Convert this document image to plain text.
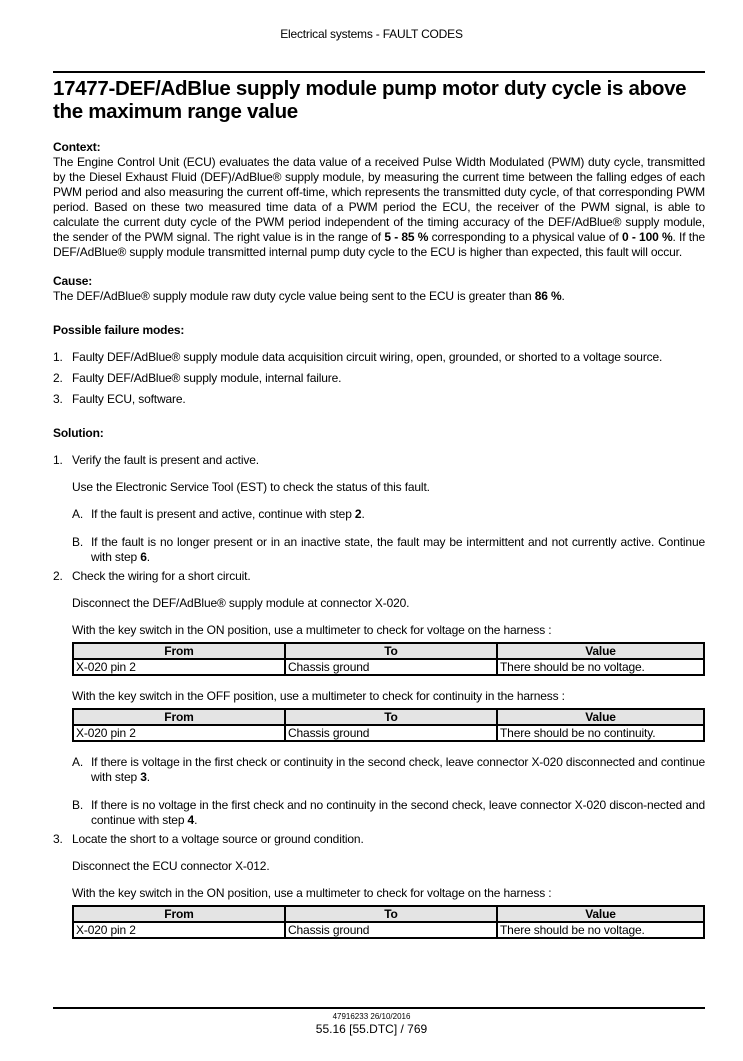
Electrical systems - FAULT CODES
17477-DEF/AdBlue supply module pump motor duty cycle is above the maximum range value

Context:

The Engine Control Unit (ECU) evaluates the data value of a received Pulse Width Modulated (PWM) duty cycle, transmitted by the Diesel Exhaust Fluid (DEF)/AdBlue® supply module, by measuring the current time between the falling edges of each PWM period and also measuring the current off-time, which represents the transmitted duty cycle, of that corresponding PWM period. Based on these two measured time data of a PWM period the ECU, the receiver of the PWM signal, is able to calculate the current duty cycle of the PWM period independent of the timing accuracy of the DEF/AdBlue® supply module, the sender of the PWM signal. The right value is in the range of 5 - 85 % corresponding to a physical value of 0 - 100 %. If the DEF/AdBlue® supply module transmitted internal pump duty cycle to the ECU is higher than expected, this fault will occur.

Cause:

The DEF/AdBlue® supply module raw duty cycle value being sent to the ECU is greater than 86 %.

Possible failure modes:

1. Faulty DEF/AdBlue® supply module data acquisition circuit wiring, open, grounded, or shorted to a voltage source.
2. Faulty DEF/AdBlue® supply module, internal failure.
3. Faulty ECU, software.

Solution:

1. Verify the fault is present and active.

Use the Electronic Service Tool (EST) to check the status of this fault.

A. If the fault is present and active, continue with step 2.
B. If the fault is no longer present or in an inactive state, the fault may be intermittent and not currently active. Continue with step 6.
2. Check the wiring for a short circuit.

Disconnect the DEF/AdBlue® supply module at connector X-020.

With the key switch in the ON position, use a multimeter to check for voltage on the harness :

From	To	Value
X-020 pin 2	Chassis ground	There should be no voltage.

With the key switch in the OFF position, use a multimeter to check for continuity in the harness :

From	To	Value
X-020 pin 2	Chassis ground	There should be no continuity.
A. If there is voltage in the first check or continuity in the second check, leave connector X-020 disconnected and continue with step 3.
B. If there is no voltage in the first check and no continuity in the second check, leave connector X-020 discon-nected and continue with step 4.
3. Locate the short to a voltage source or ground condition.

Disconnect the ECU connector X-012.

With the key switch in the ON position, use a multimeter to check for voltage on the harness :

From	To	Value
X-020 pin 2	Chassis ground	There should be no voltage.
47916233 26/10/2016
55.16 [55.DTC] / 769
